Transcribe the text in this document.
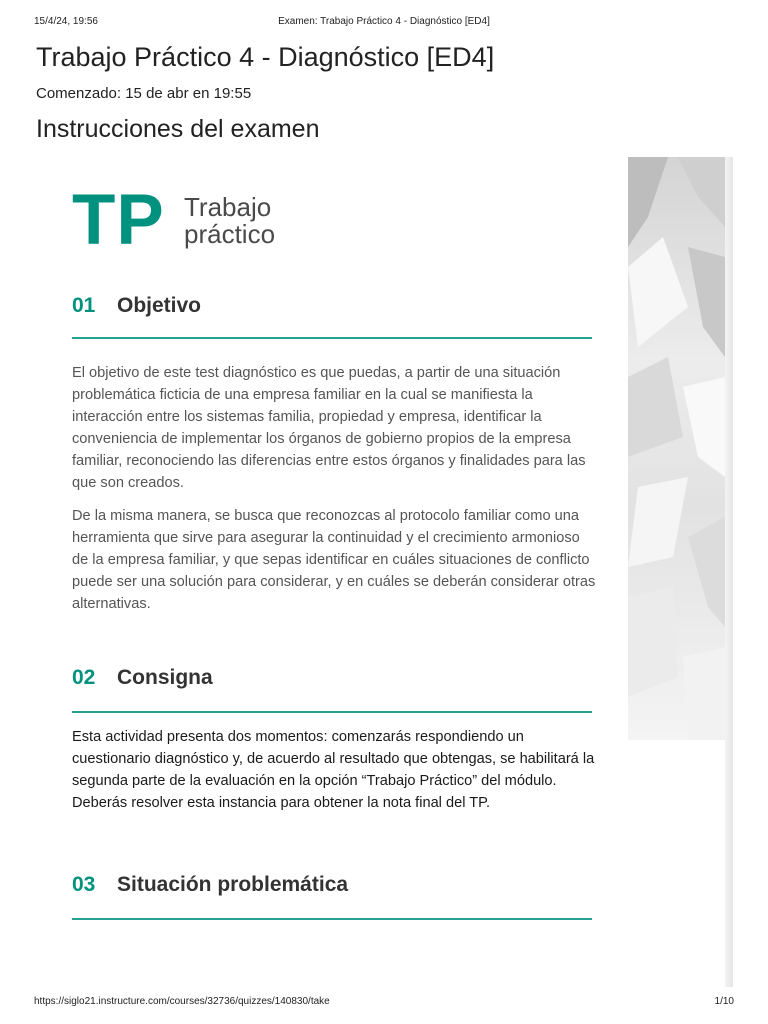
15/4/24, 19:56	Examen: Trabajo Práctico 4 - Diagnóstico [ED4]
Trabajo Práctico 4 - Diagnóstico [ED4]
Comenzado: 15 de abr en 19:55
Instrucciones del examen
TP Trabajo
práctico
01 Objetivo

El objetivo de este test diagnóstico es que puedas, a partir de una situación problemática ficticia de una empresa familiar en la cual se manifiesta la interacción entre los sistemas familia, propiedad y empresa, identificar la conveniencia de implementar los órganos de gobierno propios de la empresa familiar, reconociendo las diferencias entre estos órganos y finalidades para las que son creados.

De la misma manera, se busca que reconozcas al protocolo familiar como una herramienta que sirve para asegurar la continuidad y el crecimiento armonioso de la empresa familiar, y que sepas identificar en cuáles situaciones de conflicto puede ser una solución para considerar, y en cuáles se deberán considerar otras alternativas.

02 Consigna

Esta actividad presenta dos momentos: comenzarás respondiendo un cuestionario diagnóstico y, de acuerdo al resultado que obtengas, se habilitará la segunda parte de la evaluación en la opción “Trabajo Práctico” del módulo. Deberás resolver esta instancia para obtener la nota final del TP.

03 Situación problemática
https://siglo21.instructure.com/courses/32736/quizzes/140830/take	1/10
